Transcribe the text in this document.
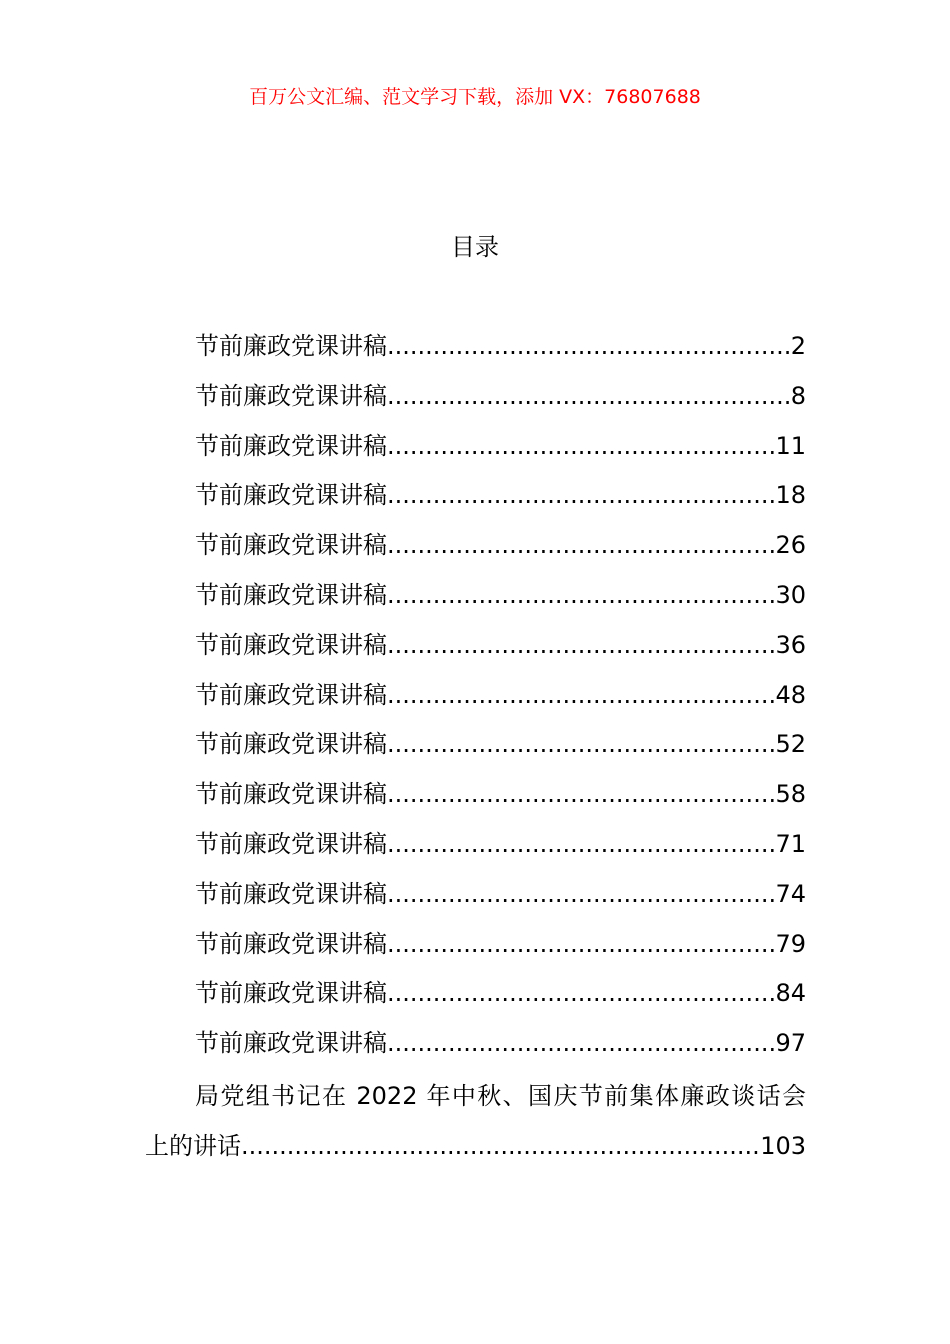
百万公文汇编、范文学习下载，添加 VX：76807688
目录
节前廉政党课讲稿 .....	2
节前廉政党课讲稿 .....	8
节前廉政党课讲稿 .....	11
节前廉政党课讲稿 .....	18
节前廉政党课讲稿 .....	26
节前廉政党课讲稿 .....	30
节前廉政党课讲稿 .....	36
节前廉政党课讲稿 .....	48
节前廉政党课讲稿 .....	52
节前廉政党课讲稿 .....	58
节前廉政党课讲稿 .....	71
节前廉政党课讲稿 .....	74
节前廉政党课讲稿 .....	79
节前廉政党课讲稿 .....	84
节前廉政党课讲稿 .....	97
局党组书记在 2022 年中秋、国庆节前集体廉政谈话会
上的讲话 .....	103
